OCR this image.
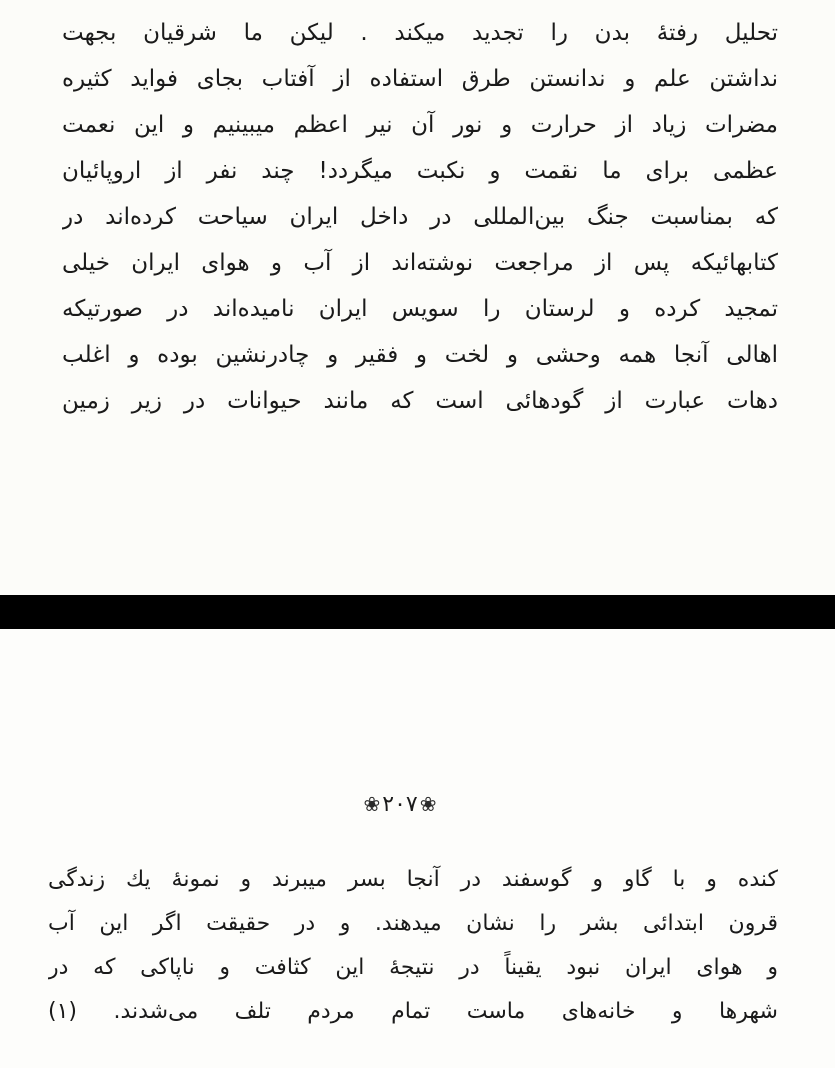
تحلیل رفتهٔ بدن را تجدید میکند . لیکن ما شرقیان بجهت
نداشتن علم و ندانستن طرق استفاده از آفتاب بجای فواید کثیره
مضرات زیاد از حرارت و نور آن نیر اعظم میبینیم و این نعمت
عظمی برای ما نقمت و نکبت میگردد! چند نفر از اروپائیان
که بمناسبت جنگ بین‌المللی در داخل ایران سیاحت کرده‌اند در
کتابهائیکه پس از مراجعت نوشته‌اند از آب و هوای ایران خیلی
تمجید کرده و لرستان را سویس ایران نامیده‌اند در صورتیکه
اهالی آنجا همه وحشی و لخت و فقیر و چادرنشین بوده و اغلب
دهات عبارت از گودهائی است که مانند حیوانات در زیر زمین
❀
۲۰۷
❀
کنده و با گاو و گوسفند در آنجا بسر میبرند و نمونهٔ یك زندگی
قرون ابتدائی بشر را نشان میدهند. و در حقیقت اگر این آب
و هوای ایران نبود یقیناً در نتیجهٔ این کثافت و ناپاکی که در
شهرها و خانه‌های ماست تمام مردم تلف می‌شدند. (۱)
